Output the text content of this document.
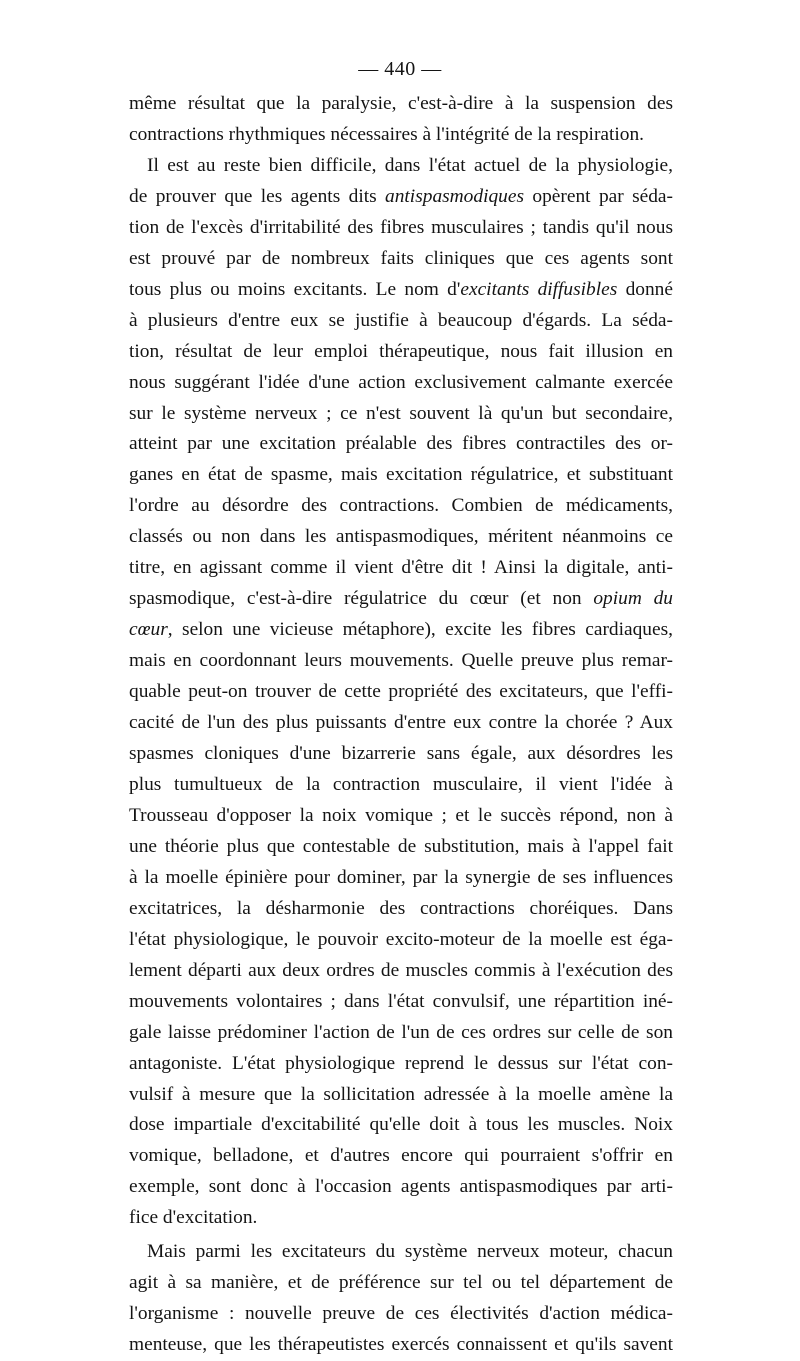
— 440 —

même résultat que la paralysie, c'est-à-dire à la suspension des

contractions rhythmiques nécessaires à l'intégrité de la respiration.

Il est au reste bien difficile, dans l'état actuel de la physiologie,

de prouver que les agents dits antispasmodiques opèrent par séda-

tion de l'excès d'irritabilité des fibres musculaires ; tandis qu'il nous

est prouvé par de nombreux faits cliniques que ces agents sont

tous plus ou moins excitants. Le nom d'excitants diffusibles donné

à plusieurs d'entre eux se justifie à beaucoup d'égards. La séda-

tion, résultat de leur emploi thérapeutique, nous fait illusion en

nous suggérant l'idée d'une action exclusivement calmante exercée

sur le système nerveux ; ce n'est souvent là qu'un but secondaire,

atteint par une excitation préalable des fibres contractiles des or-

ganes en état de spasme, mais excitation régulatrice, et substituant

l'ordre au désordre des contractions. Combien de médicaments,

classés ou non dans les antispasmodiques, méritent néanmoins ce

titre, en agissant comme il vient d'être dit ! Ainsi la digitale, anti-

spasmodique, c'est-à-dire régulatrice du cœur (et non opium du

cœur, selon une vicieuse métaphore), excite les fibres cardiaques,

mais en coordonnant leurs mouvements. Quelle preuve plus remar-

quable peut-on trouver de cette propriété des excitateurs, que l'effi-

cacité de l'un des plus puissants d'entre eux contre la chorée ? Aux

spasmes cloniques d'une bizarrerie sans égale, aux désordres les

plus tumultueux de la contraction musculaire, il vient l'idée à

Trousseau d'opposer la noix vomique ; et le succès répond, non à

une théorie plus que contestable de substitution, mais à l'appel fait

à la moelle épinière pour dominer, par la synergie de ses influences

excitatrices, la désharmonie des contractions choréiques. Dans

l'état physiologique, le pouvoir excito-moteur de la moelle est éga-

lement départi aux deux ordres de muscles commis à l'exécution des

mouvements volontaires ; dans l'état convulsif, une répartition iné-

gale laisse prédominer l'action de l'un de ces ordres sur celle de son

antagoniste. L'état physiologique reprend le dessus sur l'état con-

vulsif à mesure que la sollicitation adressée à la moelle amène la

dose impartiale d'excitabilité qu'elle doit à tous les muscles. Noix

vomique, belladone, et d'autres encore qui pourraient s'offrir en

exemple, sont donc à l'occasion agents antispasmodiques par arti-

fice d'excitation.

Mais parmi les excitateurs du système nerveux moteur, chacun

agit à sa manière, et de préférence sur tel ou tel département de

l'organisme : nouvelle preuve de ces électivités d'action médica-

menteuse, que les thérapeutistes exercés connaissent et qu'ils savent
